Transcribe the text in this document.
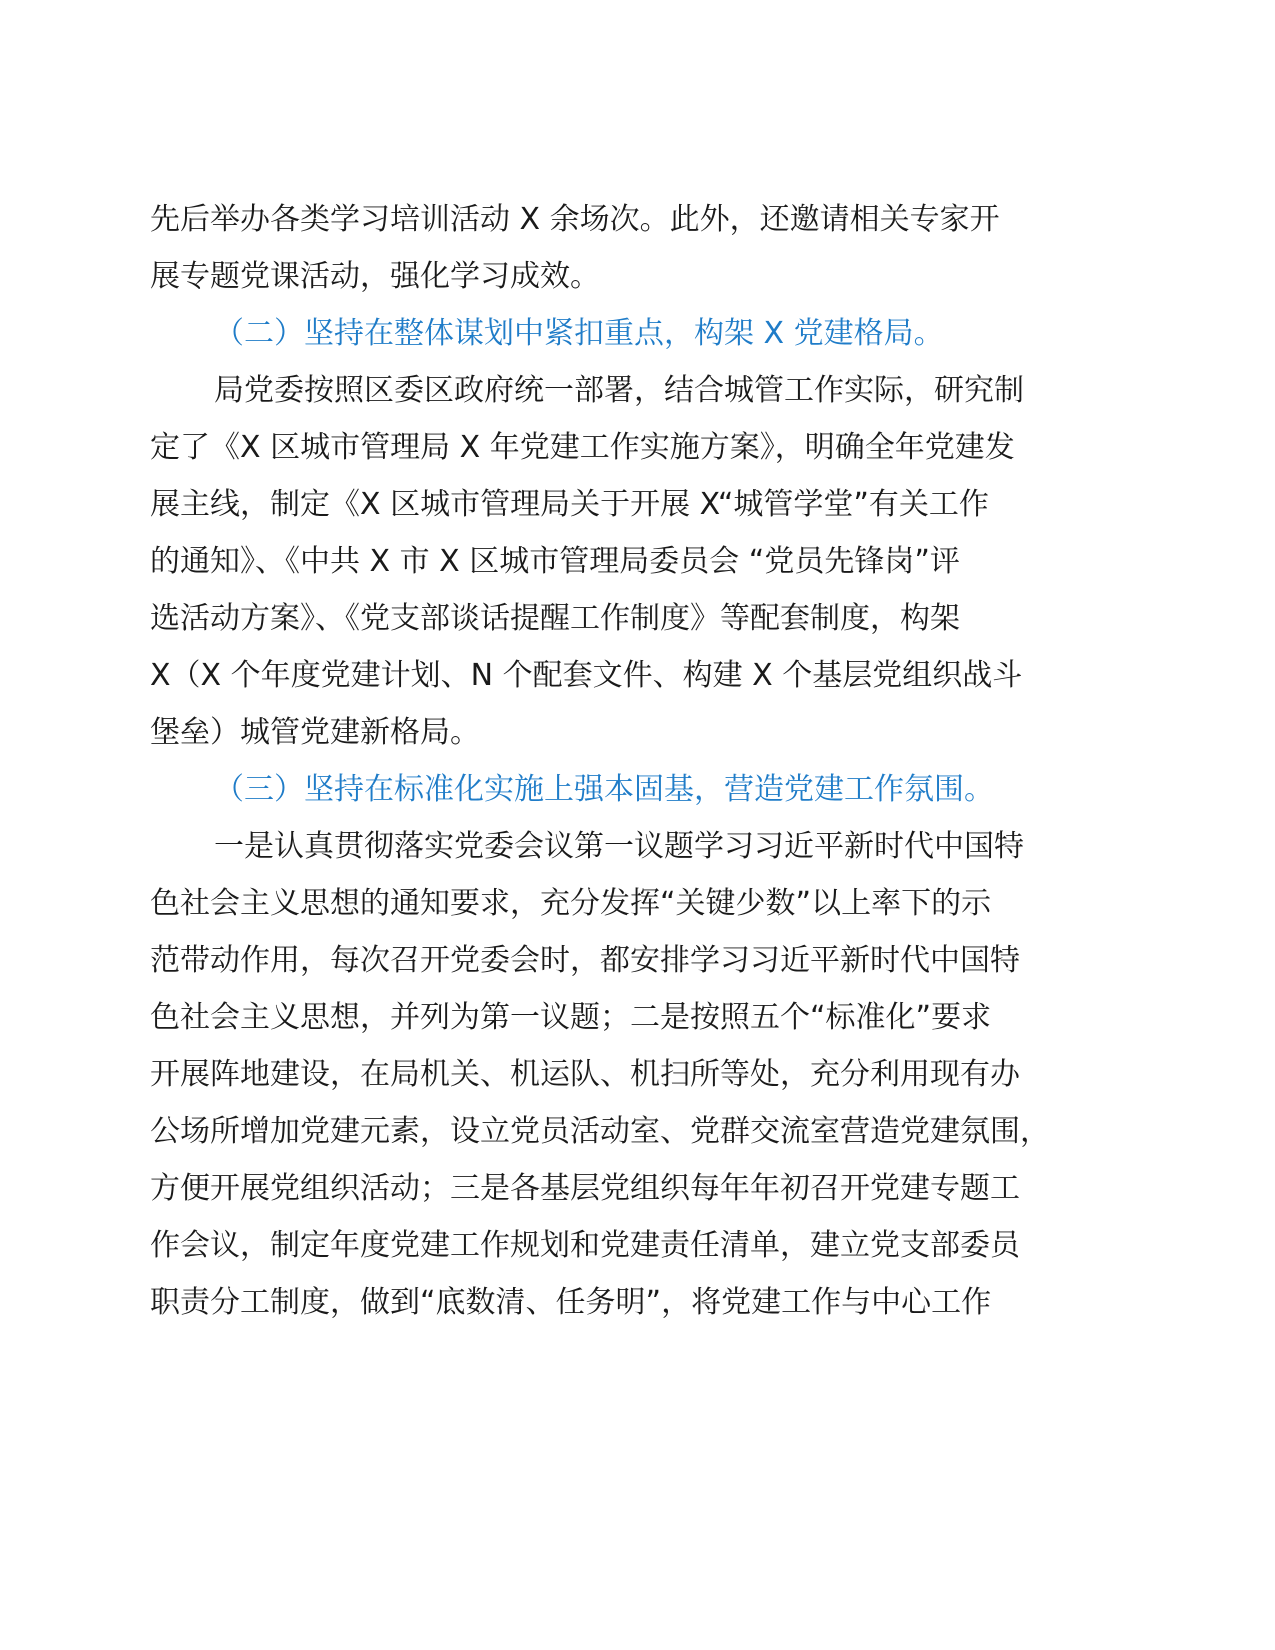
先后举办各类学习培训活动 X 余场次。此外，还邀请相关专家开
展专题党课活动，强化学习成效。
（二）坚持在整体谋划中紧扣重点，构架 X 党建格局。
局党委按照区委区政府统一部署，结合城管工作实际，研究制
定了《X 区城市管理局 X 年党建工作实施方案》，明确全年党建发
展主线，制定《X 区城市管理局关于开展 X“城管学堂”有关工作
的通知》、《中共 X 市 X 区城市管理局委员会 “党员先锋岗”评
选活动方案》、《党支部谈话提醒工作制度》等配套制度，构架
X（X 个年度党建计划、N 个配套文件、构建 X 个基层党组织战斗
堡垒）城管党建新格局。
（三）坚持在标准化实施上强本固基，营造党建工作氛围。
一是认真贯彻落实党委会议第一议题学习习近平新时代中国特
色社会主义思想的通知要求，充分发挥“关键少数”以上率下的示
范带动作用，每次召开党委会时，都安排学习习近平新时代中国特
色社会主义思想，并列为第一议题；二是按照五个“标准化”要求
开展阵地建设，在局机关、机运队、机扫所等处，充分利用现有办
公场所增加党建元素，设立党员活动室、党群交流室营造党建氛围，
方便开展党组织活动；三是各基层党组织每年年初召开党建专题工
作会议，制定年度党建工作规划和党建责任清单，建立党支部委员
职责分工制度，做到“底数清、任务明”，将党建工作与中心工作
